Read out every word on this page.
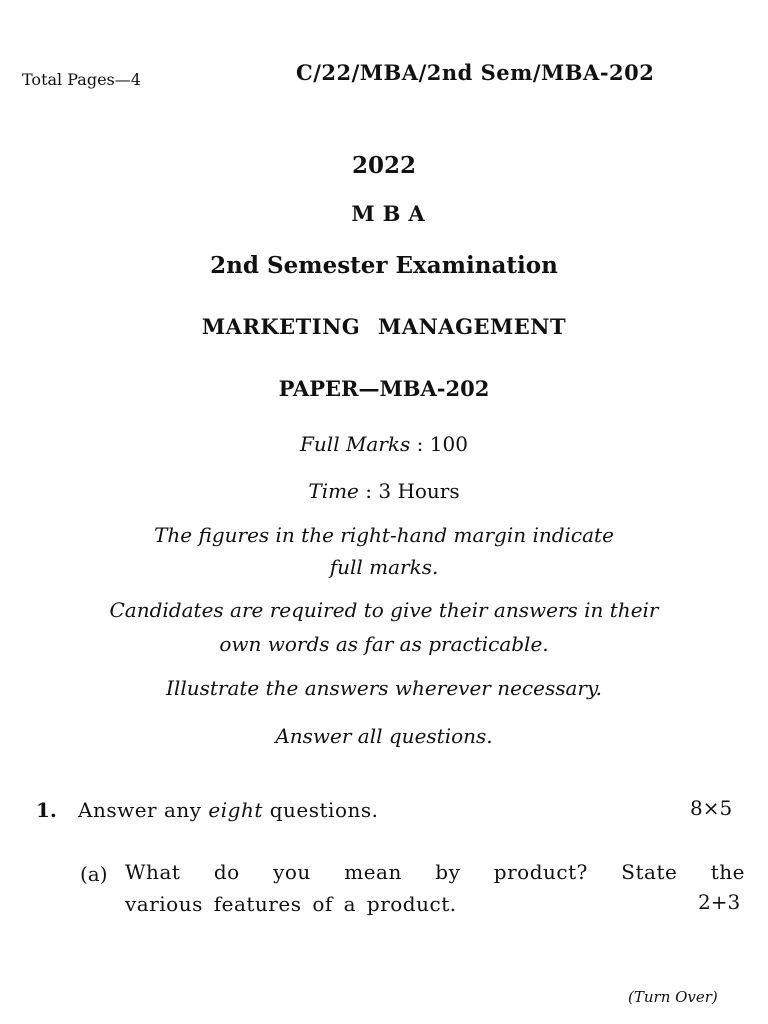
Total Pages—4	C/22/MBA/2nd Sem/MBA-202
2022
MBA
2nd Semester Examination
MARKETING MANAGEMENT
PAPER—MBA-202
Full Marks : 100
Time : 3 Hours
The figures in the right-hand margin indicate
full marks.
Candidates are required to give their answers in their
own words as far as practicable.
Illustrate the answers wherever necessary.
Answer all questions.
1. Answer any eight questions.	8×5
(a) What do you mean by product? State the
various features of a product.	2+3
(Turn Over)
